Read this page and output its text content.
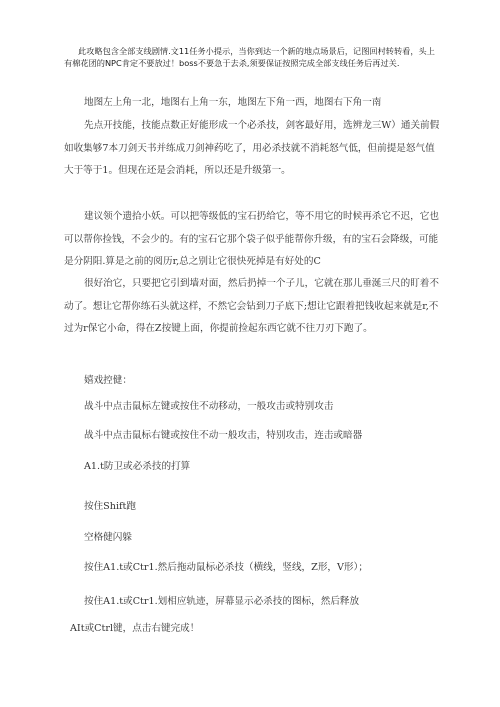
此攻略包含全部支线剧情.文11任务小提示，当你到达一个新的地点场景后，记图回村转转看，头上有棉花团的NPC肯定不要放过！boss不要急于去杀,须要保证按照完成全部支线任务后再过关.
地图左上角一北，地图右上角一东，地图左下角一西，地图右下角一南
先点开技能，技能点数正好能形成一个必杀技，剑客最好用，选辨龙三W）通关前假如收集够7本刀剑天书并练成刀剑神药吃了，用必杀技就不消耗怒气低，但前提是怒气值大于等于1。但现在还是会消耗，所以还是升级第一。
建议领个遗拾小妖。可以把等级低的宝石扔给它，等不用它的时候再杀它不迟，它也可以帮你捡钱，不会少的。有的宝石它那个袋子似乎能帮你升级，有的宝石会降级，可能是分阴阳.算是之前的阅历r,总之别让它很快死掉是有好处的C
很好治它，只要把它引到墙对面，然后扔掉一个子儿，它就在那儿垂涎三尺的盯着不动了。想让它帮你练石头就这样，不然它会钻到刀子底下;想让它跟着把钱收起来就是r,不过为r保它小命，得在Z按键上面，你提前捡起东西它就不往刀刃下跑了。
嬉戏控健：
战斗中点击鼠标左键或按住不动移动，一般攻击或特别攻击
战斗中点击鼠标右键或按住不动一般攻击，特别攻击，连击或暗器
A1.t防卫或必杀技的打算
按住Shift跑
空格健闪躲
按住A1.t或Ctr1.然后拖动鼠标必杀技（横线，竖线，Z形，V形）；
按住A1.t或Ctr1.划相应轨迹，屏幕显示必杀技的图标，然后释放
AIt或Ctrl键，点击右键完成！
